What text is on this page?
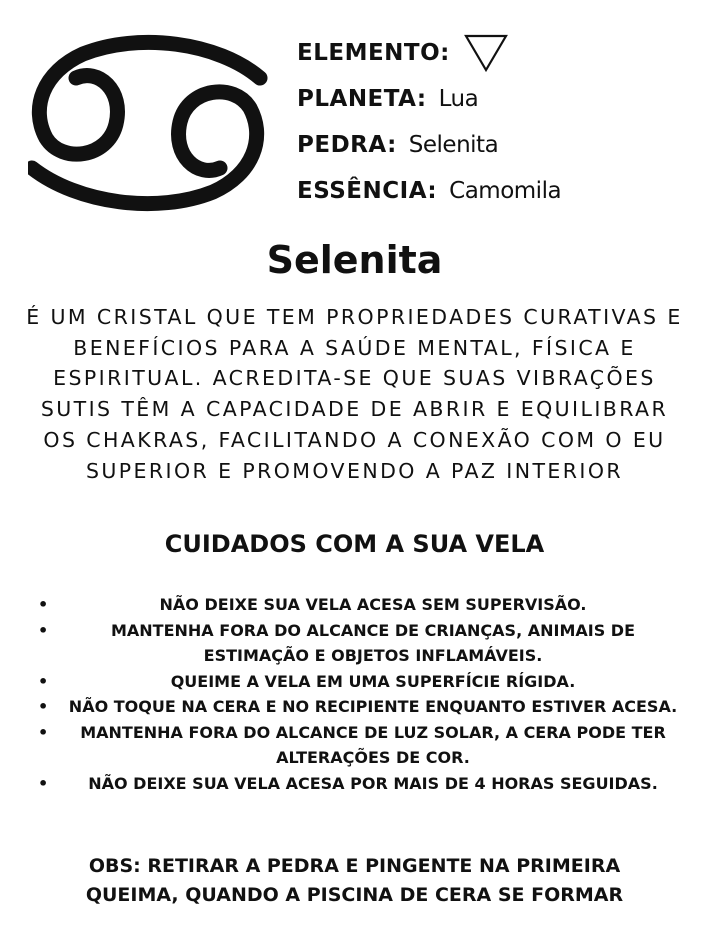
ELEMENTO:
PLANETA: Lua
PEDRA: Selenita
ESSÊNCIA: Camomila
Selenita
É UM CRISTAL QUE TEM PROPRIEDADES CURATIVAS E BENEFÍCIOS PARA A SAÚDE MENTAL, FÍSICA E ESPIRITUAL. ACREDITA-SE QUE SUAS VIBRAÇÕES SUTIS TÊM A CAPACIDADE DE ABRIR E EQUILIBRAR OS CHAKRAS, FACILITANDO A CONEXÃO COM O EU SUPERIOR E PROMOVENDO A PAZ INTERIOR
CUIDADOS COM A SUA VELA
•	NÃO DEIXE SUA VELA ACESA SEM SUPERVISÃO.
•	MANTENHA FORA DO ALCANCE DE CRIANÇAS, ANIMAIS DE ESTIMAÇÃO E OBJETOS INFLAMÁVEIS.
•	QUEIME A VELA EM UMA SUPERFÍCIE RÍGIDA.
• NÃO TOQUE NA CERA E NO RECIPIENTE ENQUANTO ESTIVER ACESA.
• MANTENHA FORA DO ALCANCE DE LUZ SOLAR, A CERA PODE TER ALTERAÇÕES DE COR.
• NÃO DEIXE SUA VELA ACESA POR MAIS DE 4 HORAS SEGUIDAS.
OBS: RETIRAR A PEDRA E PINGENTE NA PRIMEIRA QUEIMA, QUANDO A PISCINA DE CERA SE FORMAR
